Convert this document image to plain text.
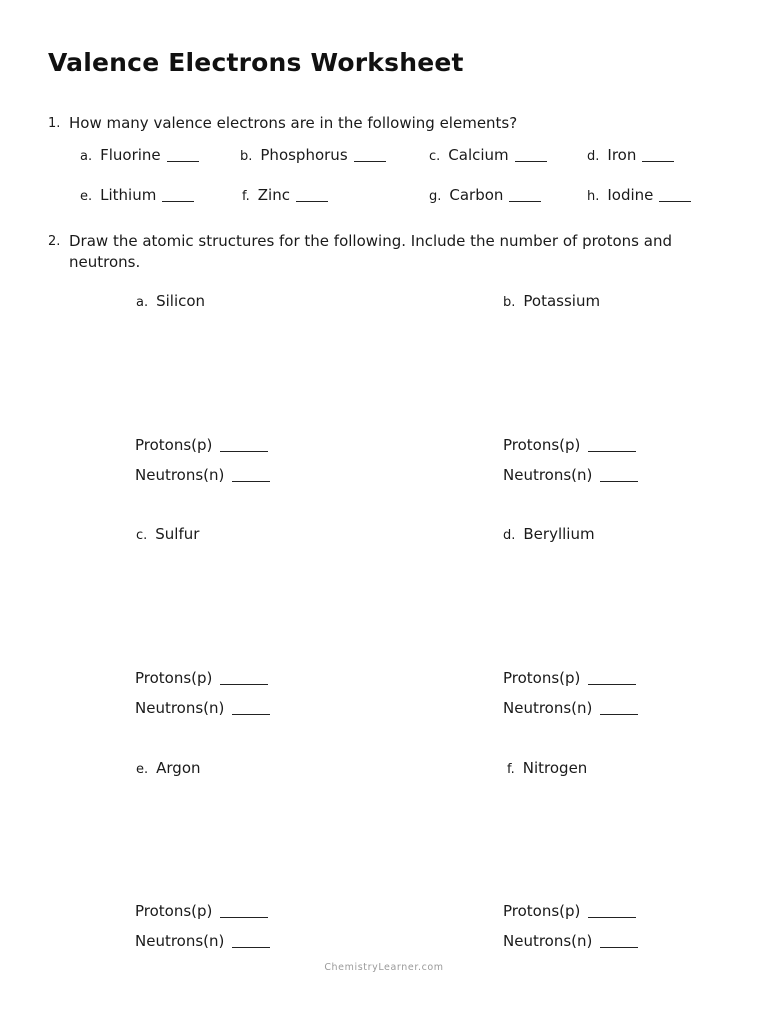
Valence Electrons Worksheet
1. How many valence electrons are in the following elements?
a. Fluorine	b. Phosphorus	c. Calcium	d. Iron
e. Lithium	f. Zinc	g. Carbon	h. Iodine
2. Draw the atomic structures for the following. Include the number of protons and neutrons.
a. Silicon
Protons(p)
Neutrons(n)
b. Potassium
Protons(p)
Neutrons(n)
c. Sulfur
Protons(p)
Neutrons(n)
d. Beryllium
Protons(p)
Neutrons(n)
e. Argon
Protons(p)
Neutrons(n)
f. Nitrogen
Protons(p)
Neutrons(n)
ChemistryLearner.com
